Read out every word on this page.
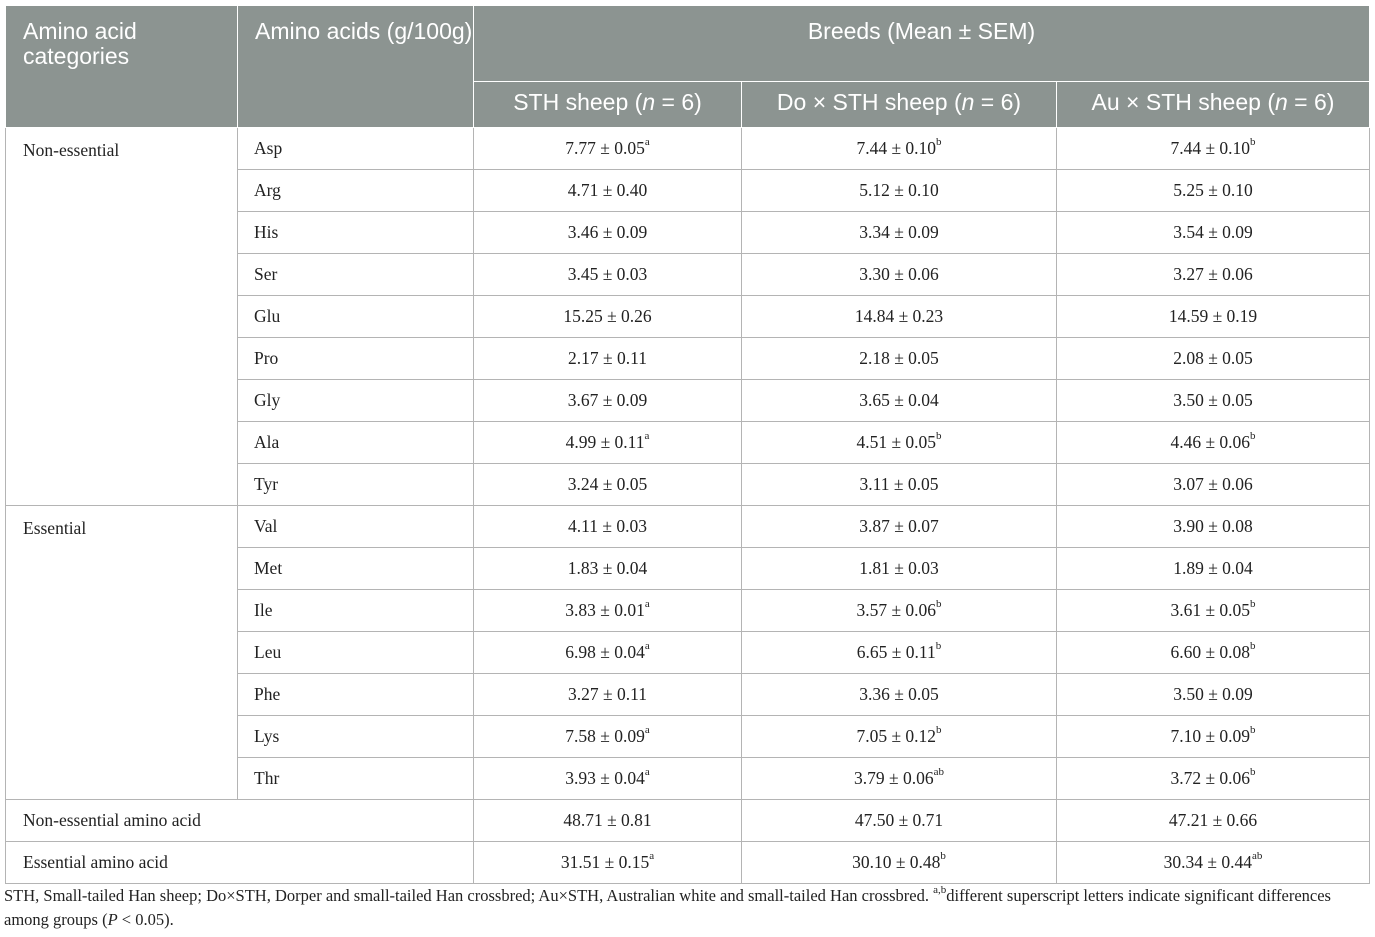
Amino acid categories	Amino acids (g/100g)	Breeds (Mean ± SEM)		
		STH sheep (n = 6)	Do × STH sheep (n = 6)	Au × STH sheep (n = 6)
Non-essential	Asp	7.77 ± 0.05$^a$	7.44 ± 0.10$^b$	7.44 ± 0.10$^b$
	Arg	4.71 ± 0.40	5.12 ± 0.10	5.25 ± 0.10
	His	3.46 ± 0.09	3.34 ± 0.09	3.54 ± 0.09
	Ser	3.45 ± 0.03	3.30 ± 0.06	3.27 ± 0.06
	Glu	15.25 ± 0.26	14.84 ± 0.23	14.59 ± 0.19
	Pro	2.17 ± 0.11	2.18 ± 0.05	2.08 ± 0.05
	Gly	3.67 ± 0.09	3.65 ± 0.04	3.50 ± 0.05
	Ala	4.99 ± 0.11$^a$	4.51 ± 0.05$^b$	4.46 ± 0.06$^b$
	Tyr	3.24 ± 0.05	3.11 ± 0.05	3.07 ± 0.06
Essential	Val	4.11 ± 0.03	3.87 ± 0.07	3.90 ± 0.08
	Met	1.83 ± 0.04	1.81 ± 0.03	1.89 ± 0.04
	Ile	3.83 ± 0.01$^a$	3.57 ± 0.06$^b$	3.61 ± 0.05$^b$
	Leu	6.98 ± 0.04$^a$	6.65 ± 0.11$^b$	6.60 ± 0.08$^b$
	Phe	3.27 ± 0.11	3.36 ± 0.05	3.50 ± 0.09
	Lys	7.58 ± 0.09$^a$	7.05 ± 0.12$^b$	7.10 ± 0.09$^b$
	Thr	3.93 ± 0.04$^a$	3.79 ± 0.06$^{ab}$	3.72 ± 0.06$^b$
Non-essential amino acid		48.71 ± 0.81	47.50 ± 0.71	47.21 ± 0.66
Essential amino acid		31.51 ± 0.15$^a$	30.10 ± 0.48$^b$	30.34 ± 0.44$^{ab}$
STH, Small-tailed Han sheep; Do×STH, Dorper and small-tailed Han crossbred; Au×STH, Australian white and small-tailed Han crossbred. $^{a,b}$different superscript letters indicate significant differences among groups (P < 0.05).
